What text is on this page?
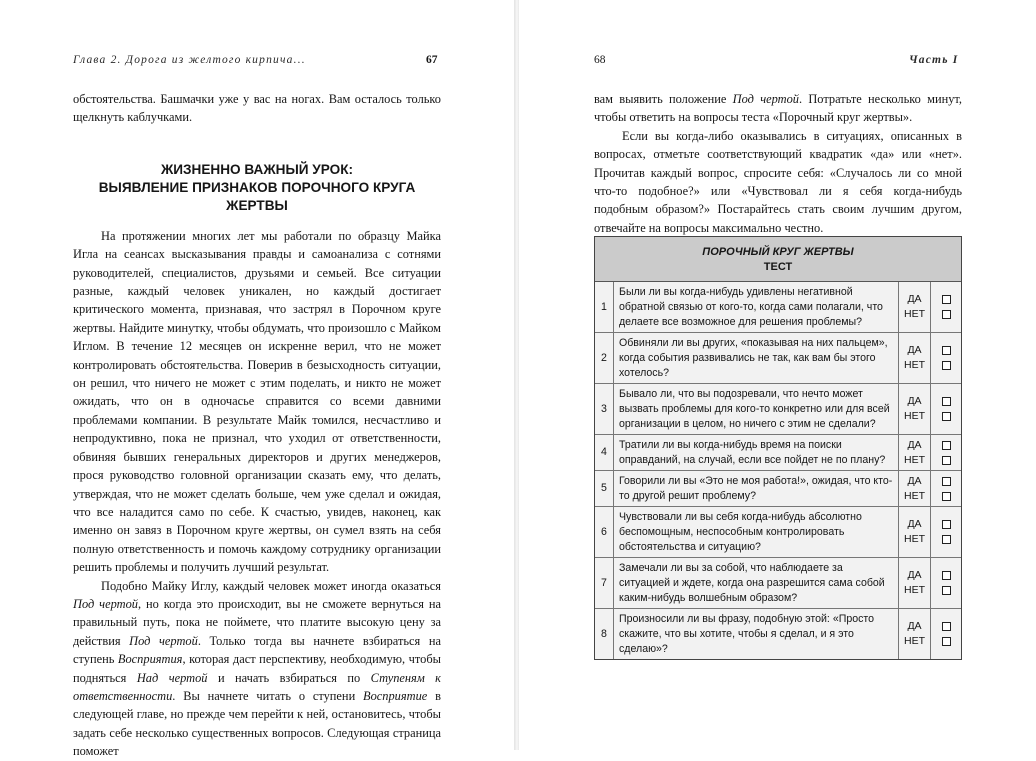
Глава 2. Дорога из желтого кирпича...	67

обстоятельства. Башмачки уже у вас на ногах. Вам осталось только щелкнуть каблучками.

ЖИЗНЕННО ВАЖНЫЙ УРОК:
ВЫЯВЛЕНИЕ ПРИЗНАКОВ ПОРОЧНОГО КРУГА
ЖЕРТВЫ

На протяжении многих лет мы работали по образцу Майка Игла на сеансах высказывания правды и самоанализа с сотнями руководителей, специалистов, друзьями и семьей. Все ситуации разные, каждый человек уникален, но каждый достигает критического момента, признавая, что застрял в Порочном круге жертвы. Найдите минутку, чтобы обдумать, что произошло с Майком Иглом. В течение 12 месяцев он искренне верил, что не может контролировать обстоятельства. Поверив в безысходность ситуации, он решил, что ничего не может с этим поделать, и никто не может ожидать, что он в одночасье справится со всеми давними проблемами компании. В результате Майк томился, несчастливо и непродуктивно, пока не признал, что уходил от ответственности, обвиняя бывших генеральных директоров и других менеджеров, прося руководство головной организации сказать ему, что делать, утверждая, что не может сделать больше, чем уже сделал и ожидая, что все наладится само по себе. К счастью, увидев, наконец, как именно он завяз в Порочном круге жертвы, он сумел взять на себя полную ответственность и помочь каждому сотруднику организации решить проблемы и получить лучший результат.

Подобно Майку Иглу, каждый человек может иногда оказаться Под чертой, но когда это происходит, вы не сможете вернуться на правильный путь, пока не поймете, что платите высокую цену за действия Под чертой. Только тогда вы начнете взбираться на ступень Восприятия, которая даст перспективу, необходимую, чтобы подняться Над чертой и начать взбираться по Ступеням к ответственности. Вы начнете читать о ступени Восприятие в следующей главе, но прежде чем перейти к ней, остановитесь, чтобы задать себе несколько существенных вопросов. Следующая страница поможет

68	Часть I

вам выявить положение Под чертой. Потратьте несколько минут, чтобы ответить на вопросы теста «Порочный круг жертвы».

Если вы когда-либо оказывались в ситуациях, описанных в вопросах, отметьте соответствующий квадратик «да» или «нет». Прочитав каждый вопрос, спросите себя: «Случалось ли со мной что-то подобное?» или «Чувствовал ли я себя когда-нибудь подобным образом?» Постарайтесь стать своим лучшим другом, отвечайте на вопросы максимально честно.

ПОРОЧНЫЙ КРУГ ЖЕРТВЫ
ТЕСТ
1
Были ли вы когда-нибудь удивлены негативной обратной связью от кого-то, когда сами полагали, что делаете все возможное для решения проблемы?
ДА
НЕТ
2
Обвиняли ли вы других, «показывая на них пальцем», когда события развивались не так, как вам бы этого хотелось?
ДА
НЕТ
3
Бывало ли, что вы подозревали, что нечто может вызвать проблемы для кого-то конкретно или для всей организации в целом, но ничего с этим не сделали?
ДА
НЕТ
4
Тратили ли вы когда-нибудь время на поиски оправданий, на случай, если все пойдет не по плану?
ДА
НЕТ
5
Говорили ли вы «Это не моя работа!», ожидая, что кто-то другой решит проблему?
ДА
НЕТ
6
Чувствовали ли вы себя когда-нибудь абсолютно беспомощным, неспособным контролировать обстоятельства и ситуацию?
ДА
НЕТ
7
Замечали ли вы за собой, что наблюдаете за ситуацией и ждете, когда она разрешится сама собой каким-нибудь волшебным образом?
ДА
НЕТ
8
Произносили ли вы фразу, подобную этой: «Просто скажите, что вы хотите, чтобы я сделал, и я это сделаю»?
ДА
НЕТ
